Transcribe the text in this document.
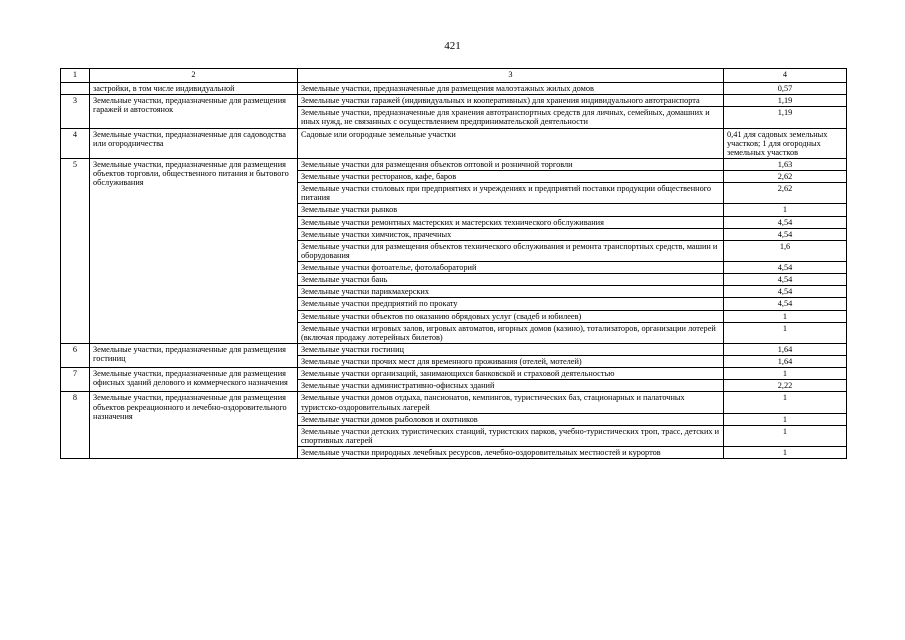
421
1	2	3	4
	застройки, в том числе индивидуальной	Земельные участки, предназначенные для размещения малоэтажных жилых домов	0,57
3	Земельные участки, предназначенные для размещения гаражей и автостоянок	Земельные участки гаражей (индивидуальных и кооперативных) для хранения индивидуального автотранспорта	1,19
		Земельные участки, предназначенные для хранения автотранспортных средств для личных, семейных, домашних и иных нужд, не связанных с осуществлением предпринимательской деятельности	1,19
4	Земельные участки, предназначенные для садоводства или огородничества	Садовые или огородные земельные участки	0,41 для садовых земельных участков; 1 для огородных земельных участков
5	Земельные участки, предназначенные для размещения объектов торговли, общественного питания и бытового обслуживания	Земельные участки для размещения объектов оптовой и розничной торговли	1,63
		Земельные участки ресторанов, кафе, баров	2,62
		Земельные участки столовых при предприятиях и учреждениях и предприятий поставки продукции общественного питания	2,62
		Земельные участки рынков	1
		Земельные участки ремонтных мастерских и мастерских технического обслуживания	4,54
		Земельные участки химчисток, прачечных	4,54
		Земельные участки для размещения объектов технического обслуживания и ремонта транспортных средств, машин и оборудования	1,6
		Земельные участки фотоателье, фотолабораторий	4,54
		Земельные участки бань	4,54
		Земельные участки парикмахерских	4,54
		Земельные участки предприятий по прокату	4,54
		Земельные участки объектов по оказанию обрядовых услуг (свадеб и юбилеев)	1
		Земельные участки игровых залов, игровых автоматов, игорных домов (казино), тотализаторов, организации лотерей (включая продажу лотерейных билетов)	1
6	Земельные участки, предназначенные для размещения гостиниц	Земельные участки гостиниц	1,64
		Земельные участки прочих мест для временного проживания (отелей, мотелей)	1,64
7	Земельные участки, предназначенные для размещения офисных зданий делового и коммерческого назначения	Земельные участки организаций, занимающихся банковской и страховой деятельностью	1
		Земельные участки административно-офисных зданий	2,22
8	Земельные участки, предназначенные для размещения объектов рекреационного и лечебно-оздоровительного назначения	Земельные участки домов отдыха, пансионатов, кемпингов, туристических баз, стационарных и палаточных туристско-оздоровительных лагерей	1
		Земельные участки домов рыболовов и охотников	1
		Земельные участки детских туристических станций, туристских парков, учебно-туристических троп, трасс, детских и спортивных лагерей	1
		Земельные участки природных лечебных ресурсов, лечебно-оздоровительных местностей и курортов	1
